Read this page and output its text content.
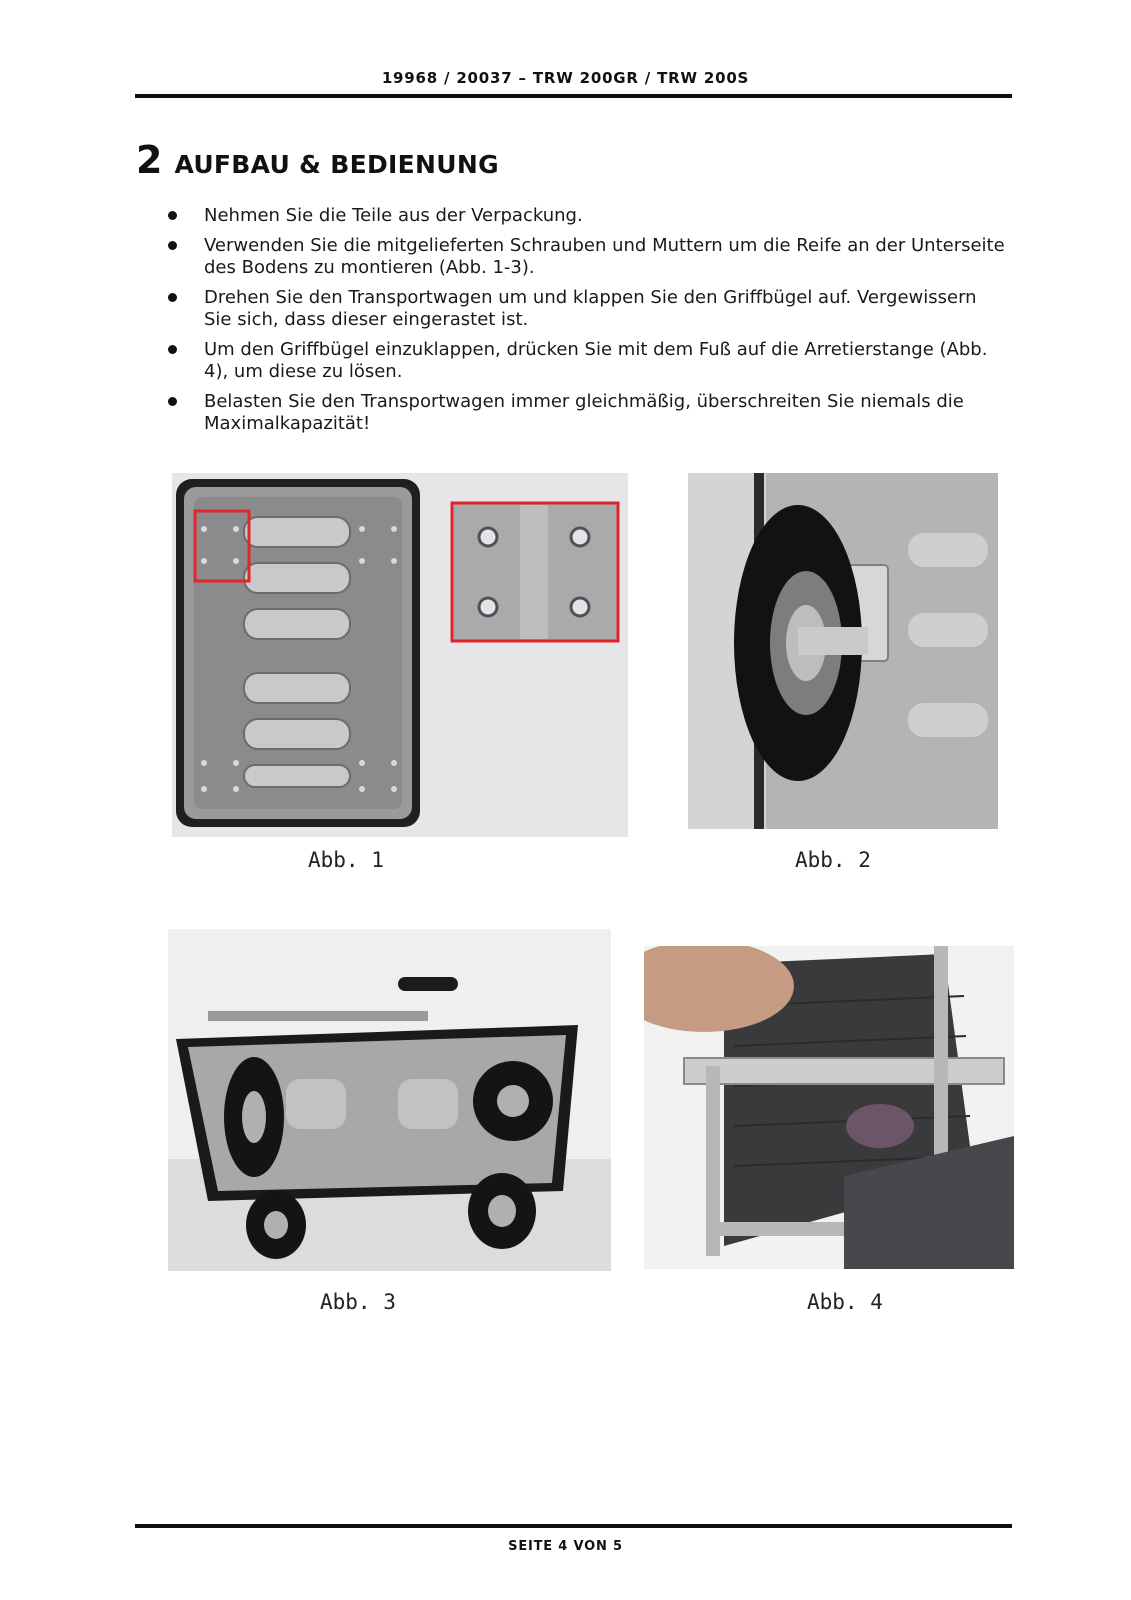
19968 / 20037 – TRW 200GR / TRW 200S
2 AUFBAU & BEDIENUNG
Nehmen Sie die Teile aus der Verpackung.
Verwenden Sie die mitgelieferten Schrauben und Muttern um die Reife an der Unterseite des Bodens zu montieren (Abb. 1-3).
Drehen Sie den Transportwagen um und klappen Sie den Griffbügel auf. Vergewissern Sie sich, dass dieser eingerastet ist.
Um den Griffbügel einzuklappen, drücken Sie mit dem Fuß auf die Arretierstange (Abb. 4), um diese zu lösen.
Belasten Sie den Transportwagen immer gleichmäßig, überschreiten Sie niemals die Maximalkapazität!
Abb. 1	Abb. 2
Abb. 3	Abb. 4
SEITE 4 VON 5
